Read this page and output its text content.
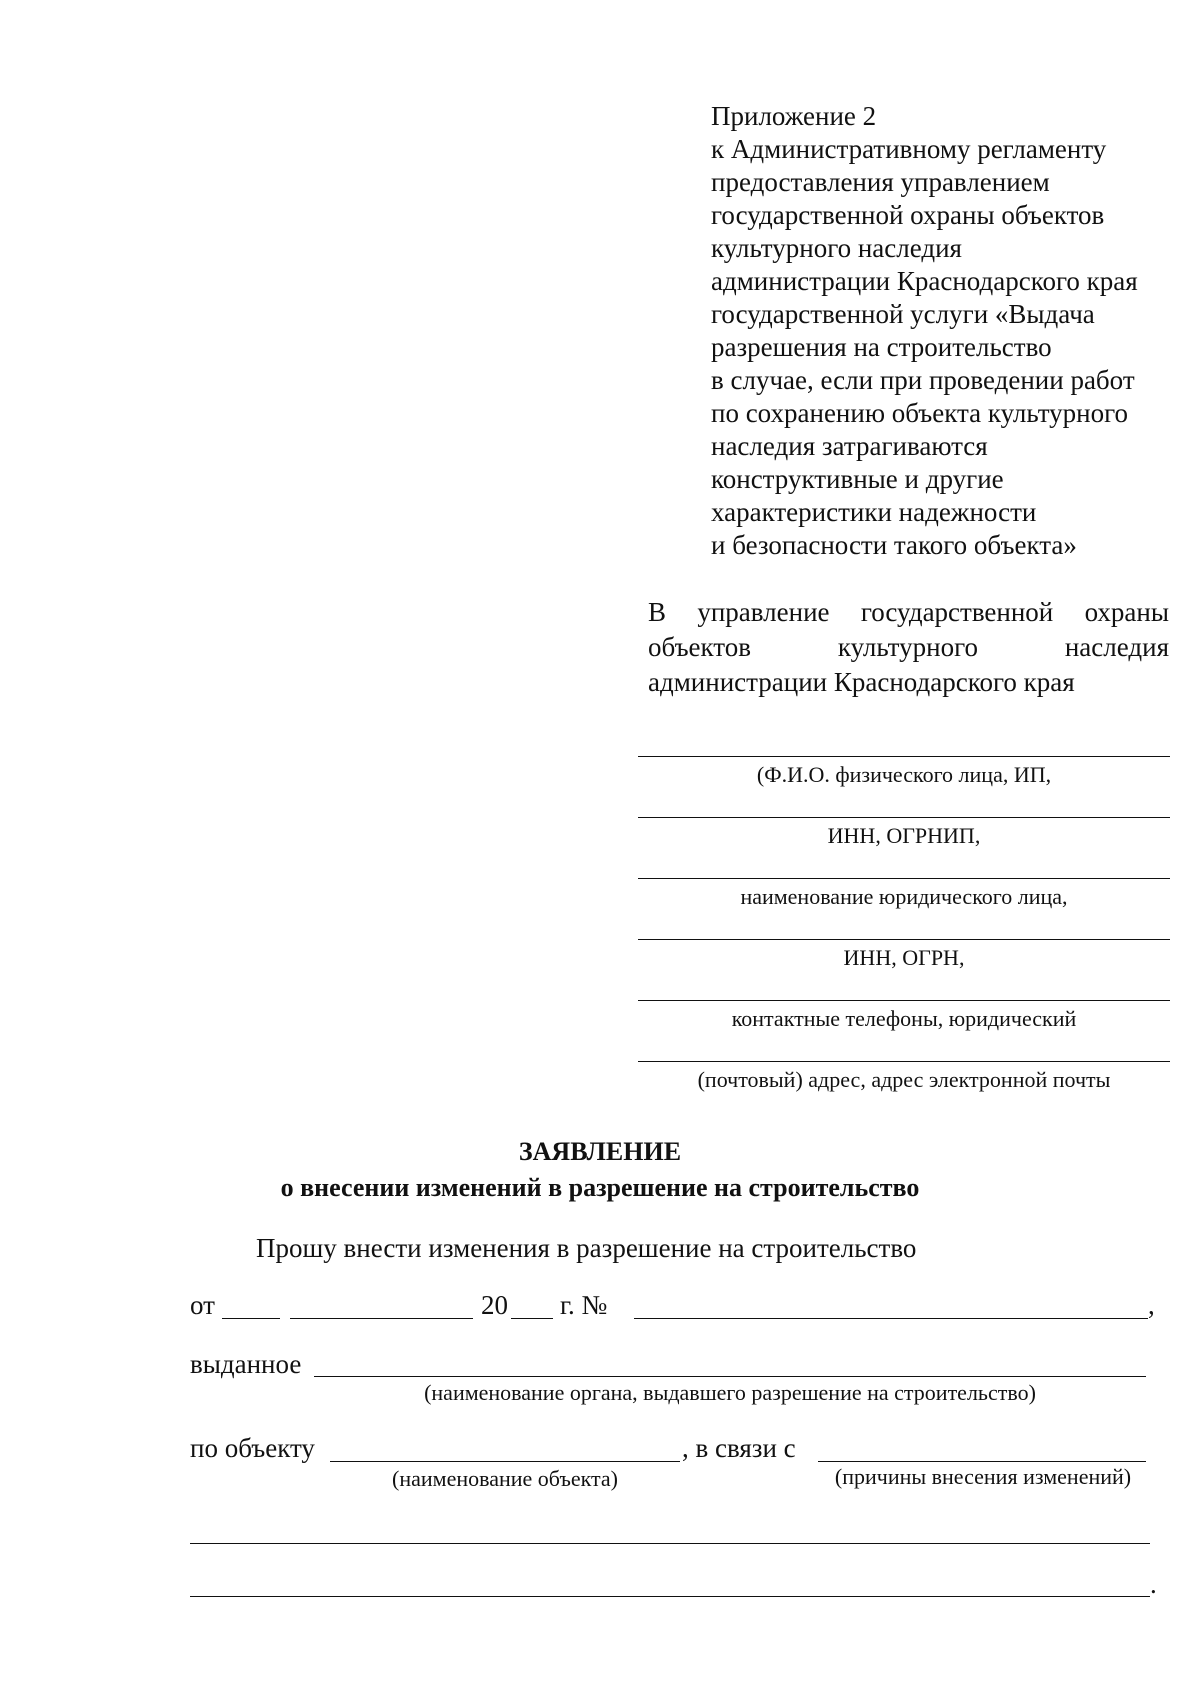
Приложение 2
к Административному регламенту
предоставления управлением
государственной охраны объектов
культурного наследия
администрации Краснодарского края
государственной услуги «Выдача
разрешения на строительство
в случае, если при проведении работ
по сохранению объекта культурного
наследия затрагиваются
конструктивные и другие
характеристики надежности
и безопасности такого объекта»
В управление государственной охраны
объектов культурного наследия
администрации Краснодарского края
(Ф.И.О. физического лица, ИП,
ИНН, ОГРНИП,
наименование юридического лица,
ИНН, ОГРН,
контактные телефоны, юридический
(почтовый) адрес, адрес электронной почты
ЗАЯВЛЕНИЕ
о внесении изменений в разрешение на строительство
Прошу внести изменения в разрешение на строительство
от	20 г. №	,
выданное
(наименование органа, выдавшего разрешение на строительство)
по объекту	, в связи с
(наименование объекта)	(причины внесения изменений)
.
